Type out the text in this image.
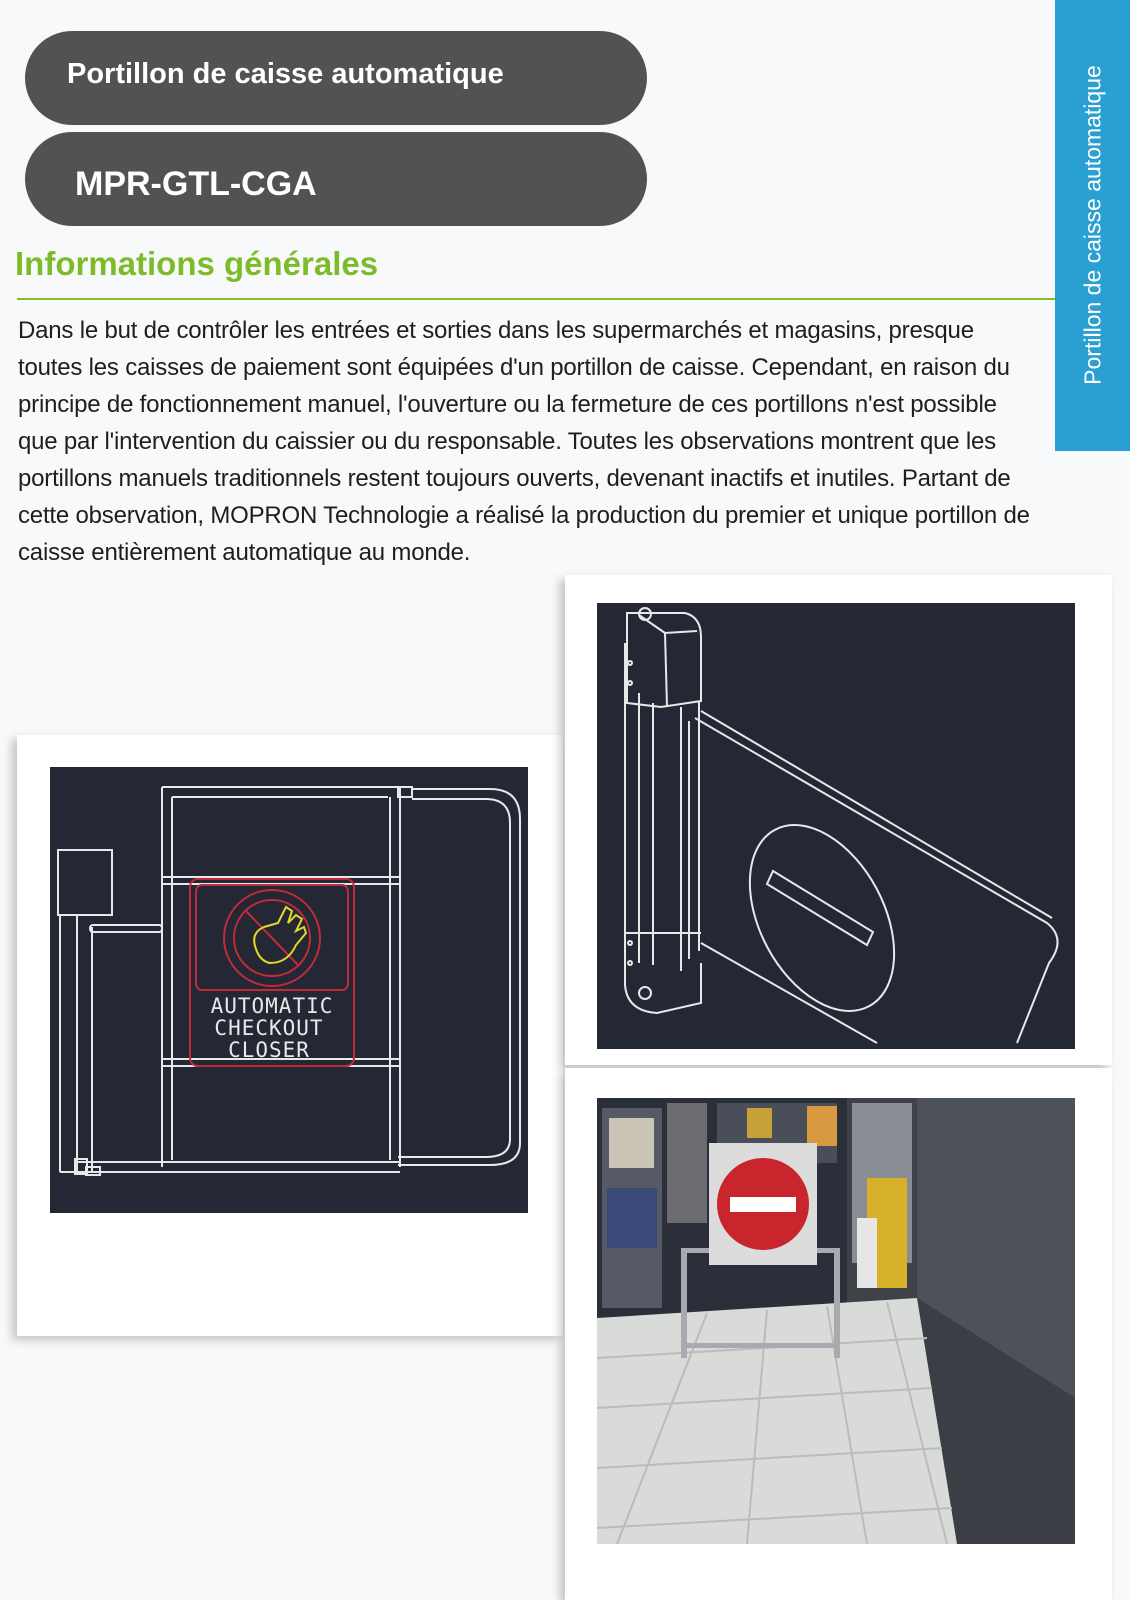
Portillon de caisse automatique
MPR-GTL-CGA	Portillon de caisse automatique
Informations générales

Dans le but de contrôler les entrées et sorties dans les supermarchés et magasins, presque toutes les caisses de paiement sont équipées d'un portillon de caisse. Cependant, en raison du principe de fonctionnement manuel, l'ouverture ou la fermeture de ces portillons n'est possible que par l'intervention du caissier ou du responsable. Toutes les observations montrent que les portillons manuels traditionnels restent toujours ouverts, devenant inactifs et inutiles. Partant de cette observation, MOPRON Technologie a réalisé la production du premier et unique portillon de caisse entièrement automatique au monde.

AUTOMATIC
CHECKOUT
CLOSER
